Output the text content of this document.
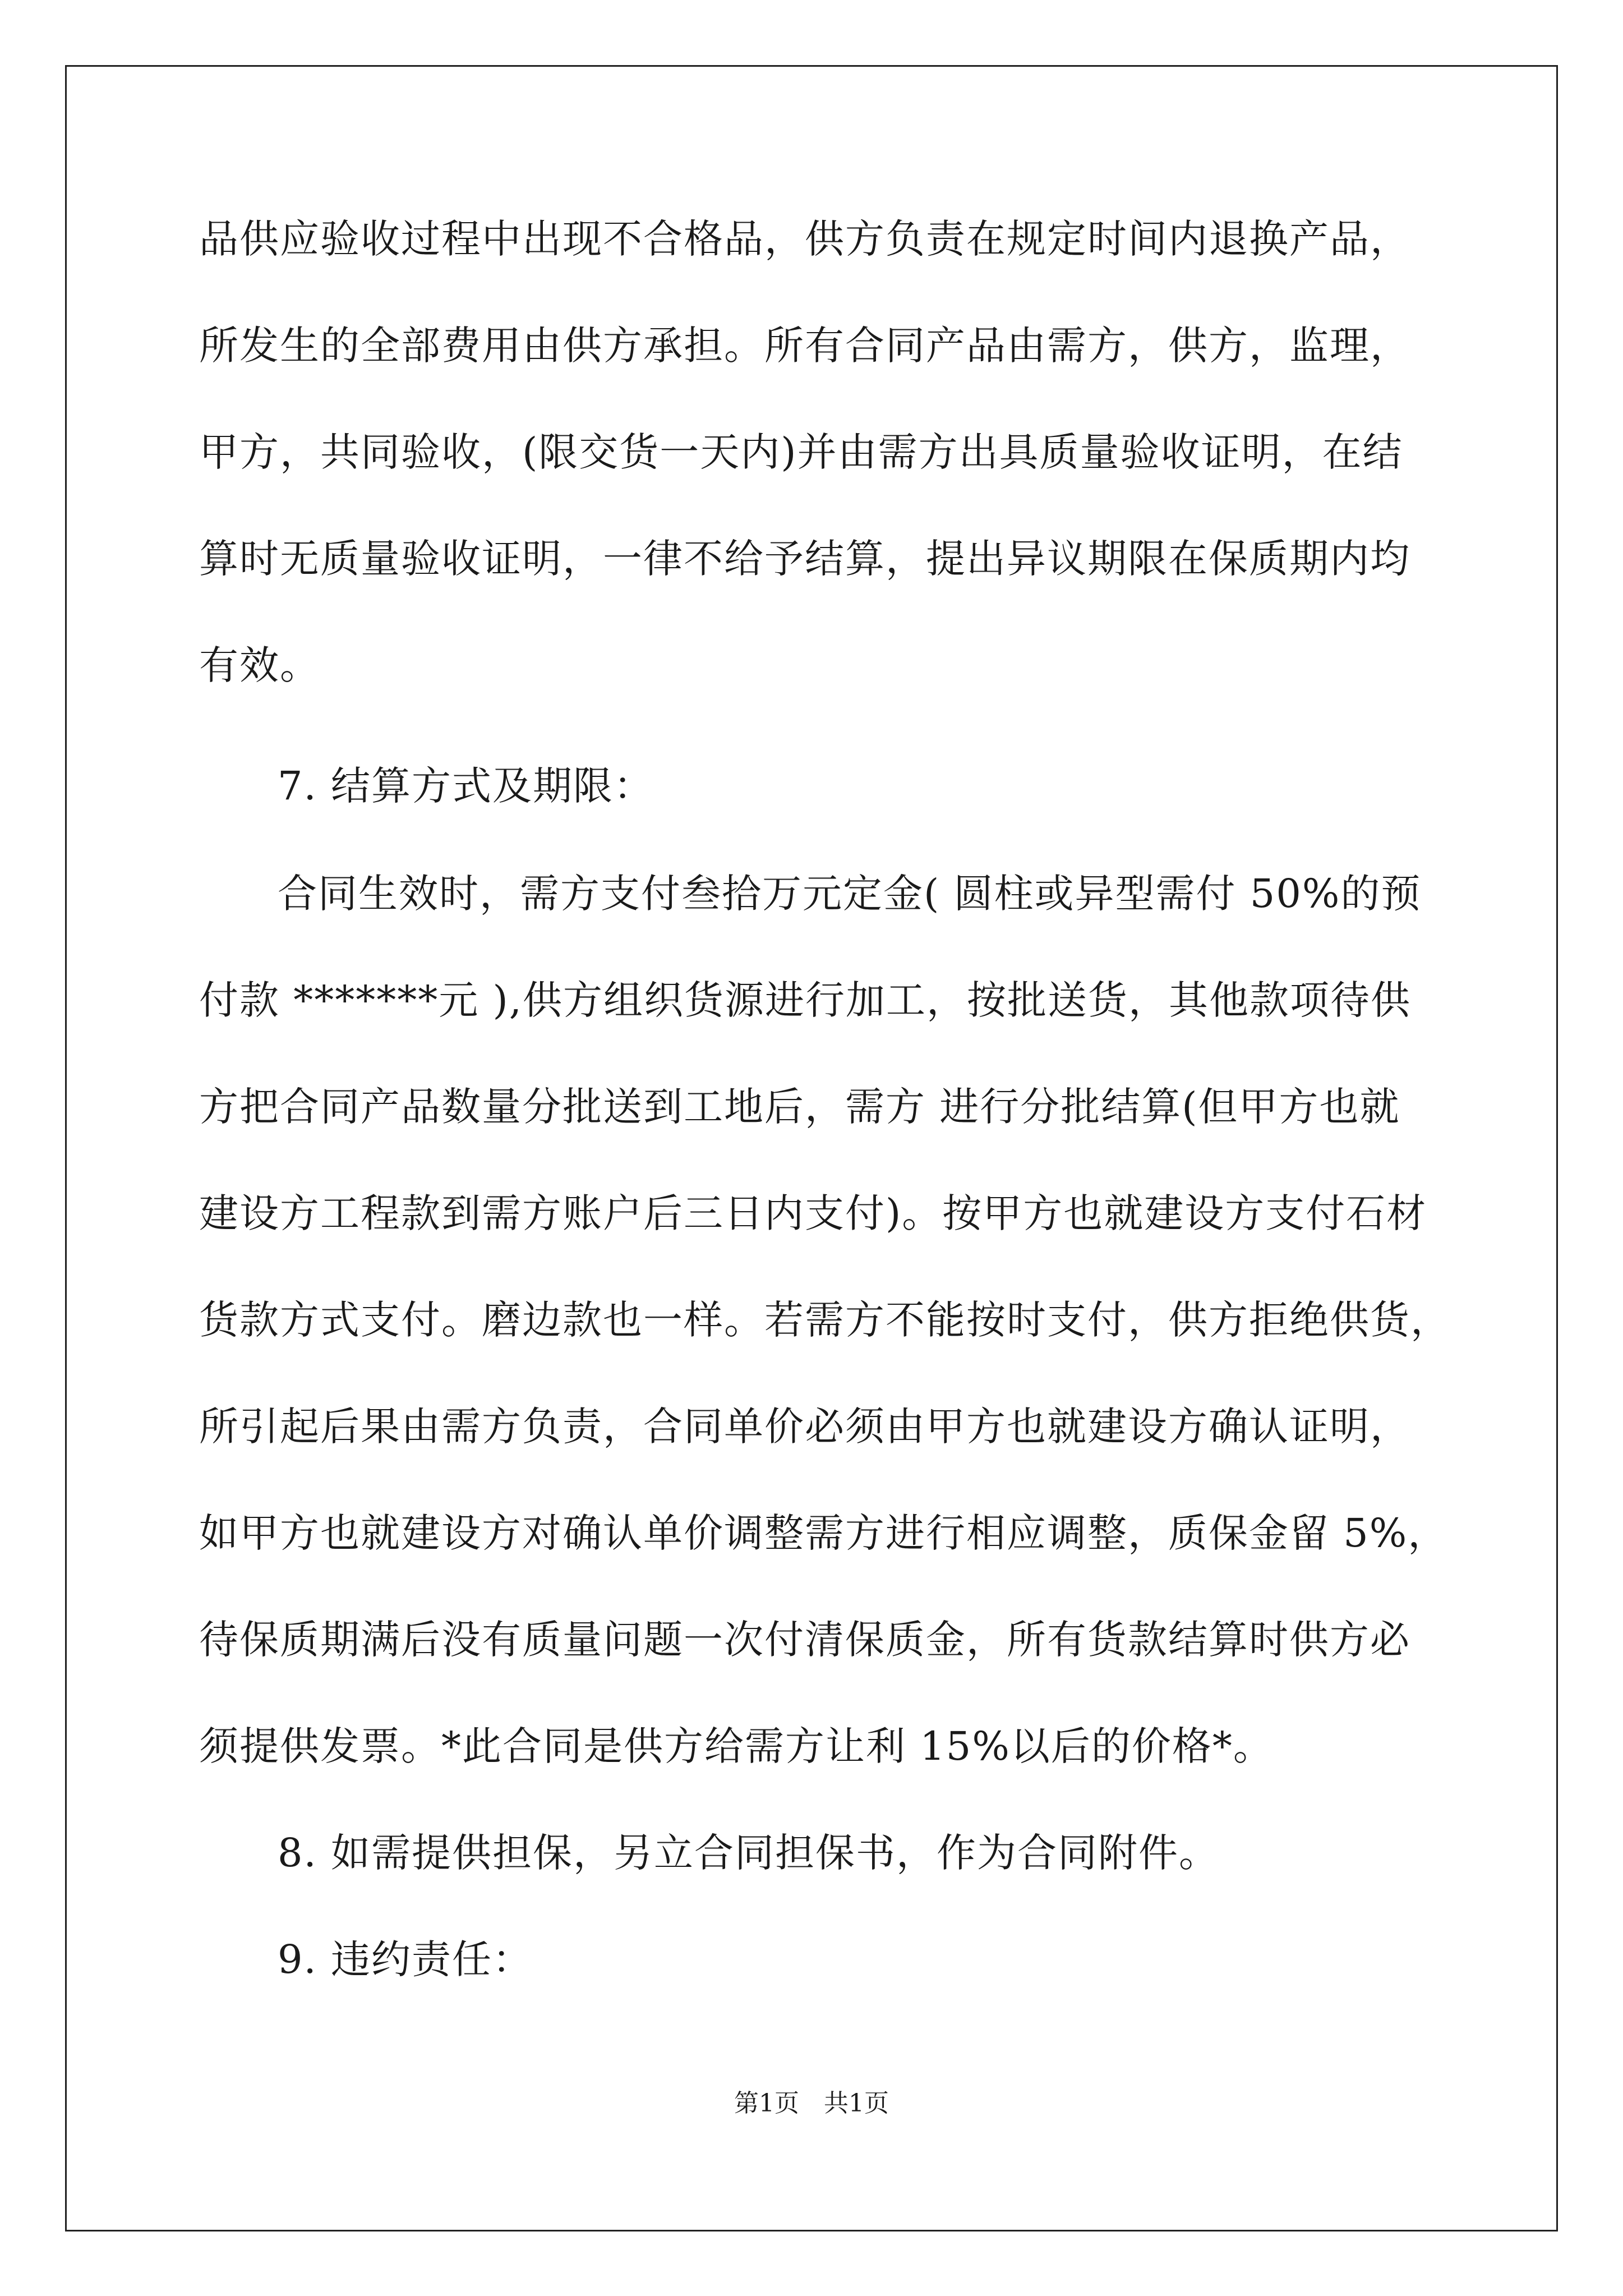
品供应验收过程中出现不合格品，供方负责在规定时间内退换产品，
所发生的全部费用由供方承担。所有合同产品由需方，供方，监理，
甲方，共同验收，(限交货一天内)并由需方出具质量验收证明，在结
算时无质量验收证明，一律不给予结算，提出异议期限在保质期内均
有效。
7. 结算方式及期限：
合同生效时，需方支付叁拾万元定金( 圆柱或异型需付 50%的预
付款 *******元 ),供方组织货源进行加工，按批送货，其他款项待供
方把合同产品数量分批送到工地后，需方 进行分批结算(但甲方也就
建设方工程款到需方账户后三日内支付)。按甲方也就建设方支付石材
货款方式支付。磨边款也一样。若需方不能按时支付，供方拒绝供货，
所引起后果由需方负责，合同单价必须由甲方也就建设方确认证明，
如甲方也就建设方对确认单价调整需方进行相应调整，质保金留 5%，
待保质期满后没有质量问题一次付清保质金，所有货款结算时供方必
须提供发票。*此合同是供方给需方让利 15%以后的价格*。
8. 如需提供担保，另立合同担保书，作为合同附件。
9. 违约责任：
第1页　共1页
